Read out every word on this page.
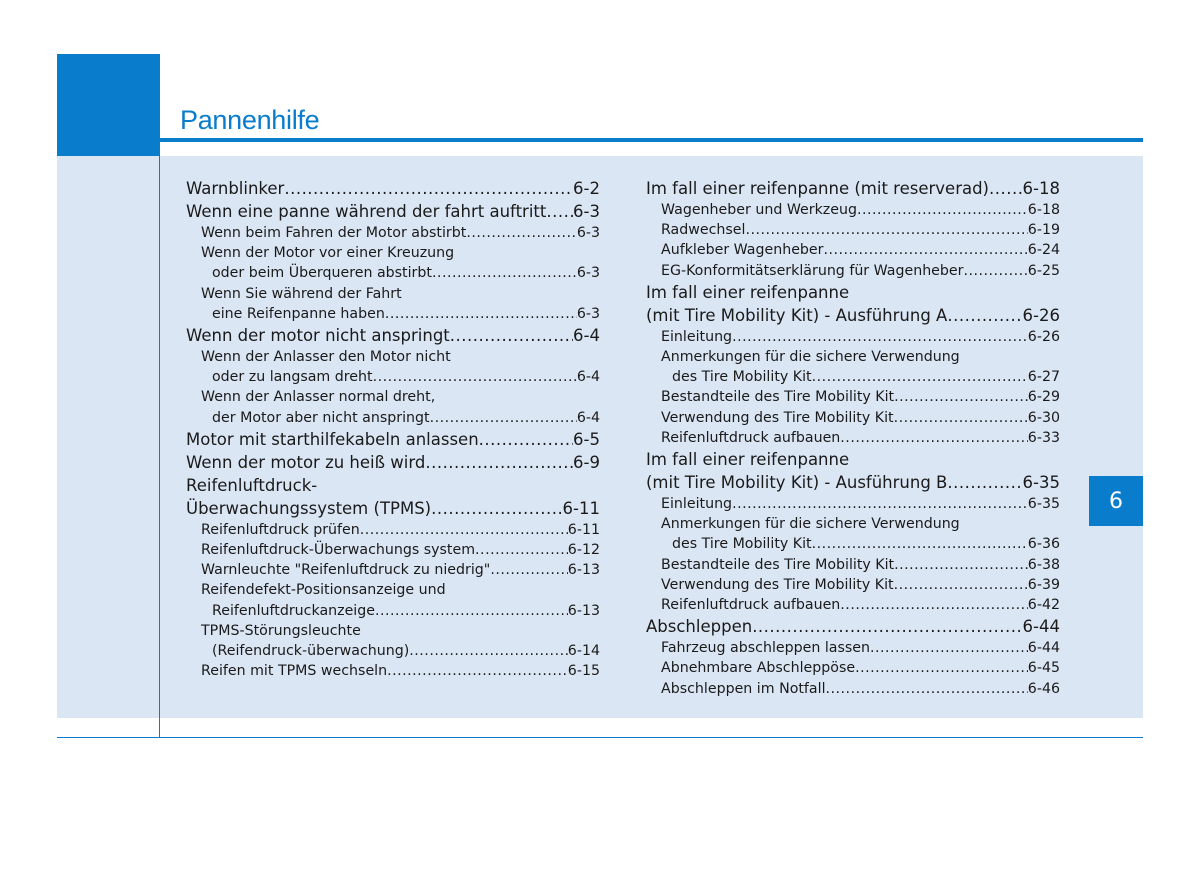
Pannenhilfe
6
Warnblinker .....	6-2
Wenn eine panne während der fahrt auftritt ..... 6-3
Wenn beim Fahren der Motor abstirbt .....	6-3
Wenn der Motor vor einer Kreuzung
oder beim Überqueren abstirbt .....	6-3
Wenn Sie während der Fahrt
eine Reifenpanne haben .....	6-3
Wenn der motor nicht anspringt .....	6-4
Wenn der Anlasser den Motor nicht
oder zu langsam dreht .....	6-4
Wenn der Anlasser normal dreht,
der Motor aber nicht anspringt .....	6-4
Motor mit starthilfekabeln anlassen .....	6-5
Wenn der motor zu heiß wird .....	6-9
Reifenluftdruck-
Überwachungssystem (TPMS) .....	6-11
Reifenluftdruck prüfen .....	6-11
Reifenluftdruck-Überwachungs system .....	6-12
Warnleuchte "Reifenluftdruck zu niedrig" .....	6-13
Reifendefekt-Positionsanzeige und
Reifenluftdruckanzeige .....	6-13
TPMS-Störungsleuchte
(Reifendruck-überwachung) .....	6-14
Reifen mit TPMS wechseln .....	6-15
Im fall einer reifenpanne (mit reserverad) ..... 6-18
Wagenheber und Werkzeug .....	6-18
Radwechsel .....	6-19
Aufkleber Wagenheber .....	6-24
EG-Konformitätserklärung für Wagenheber .....	6-25
Im fall einer reifenpanne
(mit Tire Mobility Kit) - Ausführung A .....	6-26
Einleitung .....	6-26
Anmerkungen für die sichere Verwendung
des Tire Mobility Kit .....	6-27
Bestandteile des Tire Mobility Kit .....	6-29
Verwendung des Tire Mobility Kit .....	6-30
Reifenluftdruck aufbauen .....	6-33
Im fall einer reifenpanne
(mit Tire Mobility Kit) - Ausführung B .....	6-35
Einleitung .....	6-35
Anmerkungen für die sichere Verwendung
des Tire Mobility Kit .....	6-36
Bestandteile des Tire Mobility Kit .....	6-38
Verwendung des Tire Mobility Kit .....	6-39
Reifenluftdruck aufbauen .....	6-42
Abschleppen .....	6-44
Fahrzeug abschleppen lassen .....	6-44
Abnehmbare Abschleppöse .....	6-45
Abschleppen im Notfall .....	6-46
